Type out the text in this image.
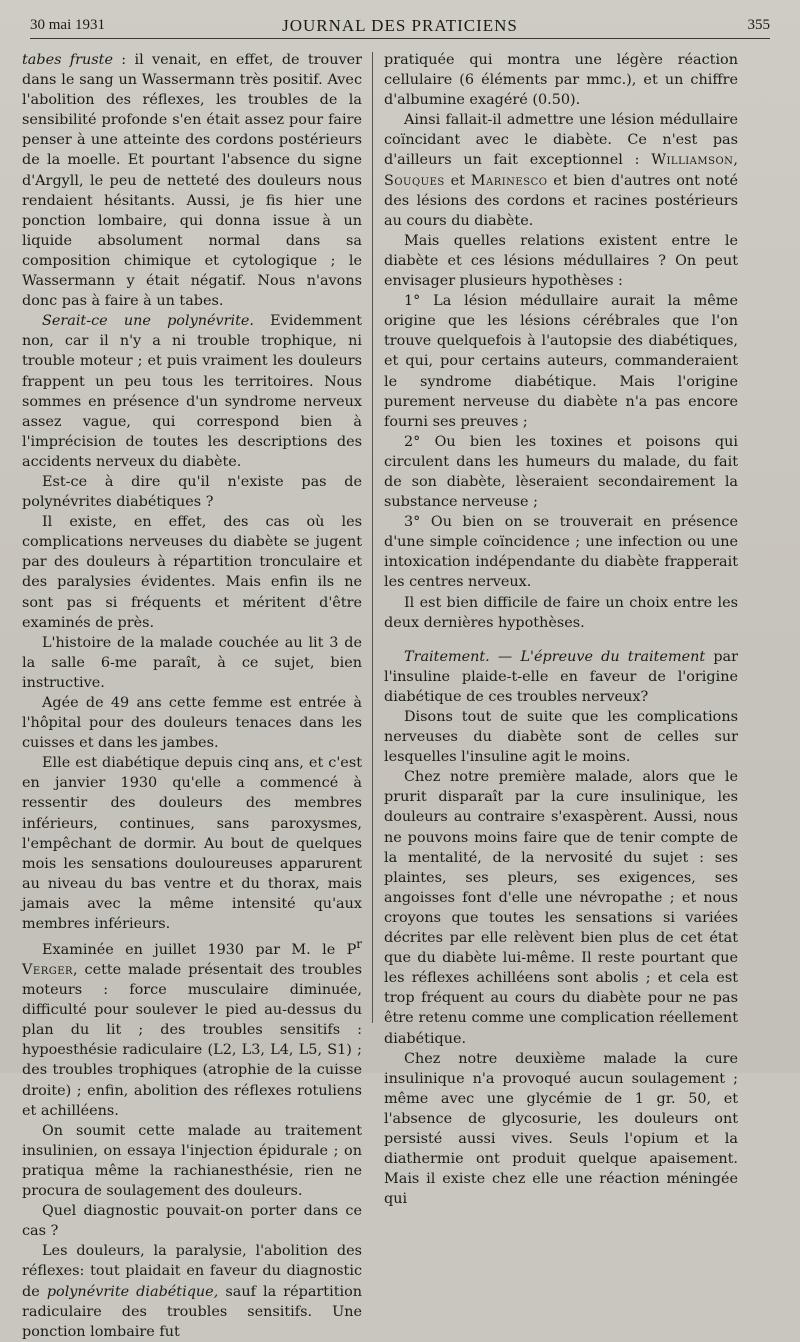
30 mai 1931	JOURNAL DES PRATICIENS	355

tabes fruste : il venait, en effet, de trouver dans le sang un Wassermann très positif. Avec l'abolition des réflexes, les troubles de la sensibilité profonde s'en était assez pour faire penser à une atteinte des cordons postérieurs de la moelle. Et pourtant l'absence du signe d'Argyll, le peu de netteté des douleurs nous rendaient hésitants. Aussi, je fis hier une ponction lombaire, qui donna issue à un liquide absolument normal dans sa composition chimique et cytologique ; le Wassermann y était négatif. Nous n'avons donc pas à faire à un tabes.

Serait-ce une polynévrite. Evidemment non, car il n'y a ni trouble trophique, ni trouble moteur ; et puis vraiment les douleurs frappent un peu tous les territoires. Nous sommes en présence d'un syndrome nerveux assez vague, qui correspond bien à l'imprécision de toutes les descriptions des accidents nerveux du diabète.

Est-ce à dire qu'il n'existe pas de polynévrites diabétiques ?

Il existe, en effet, des cas où les complications nerveuses du diabète se jugent par des douleurs à répartition tronculaire et des paralysies évidentes. Mais enfin ils ne sont pas si fréquents et méritent d'être examinés de près.

L'histoire de la malade couchée au lit 3 de la salle 6-me paraît, à ce sujet, bien instructive.

Agée de 49 ans cette femme est entrée à l'hôpital pour des douleurs tenaces dans les cuisses et dans les jambes.

Elle est diabétique depuis cinq ans, et c'est en janvier 1930 qu'elle a commencé à ressentir des douleurs des membres inférieurs, continues, sans paroxysmes, l'empêchant de dormir. Au bout de quelques mois les sensations douloureuses apparurent au niveau du bas ventre et du thorax, mais jamais avec la même intensité qu'aux membres inférieurs.

Examinée en juillet 1930 par M. le $P^r$ Verger, cette malade présentait des troubles moteurs : force musculaire diminuée, difficulté pour soulever le pied au-dessus du plan du lit ; des troubles sensitifs : hypoesthésie radiculaire (L2, L3, L4, L5, S1) ; des troubles trophiques (atrophie de la cuisse droite) ; enfin, abolition des réflexes rotuliens et achilléens.

On soumit cette malade au traitement insulinien, on essaya l'injection épidurale ; on pratiqua même la rachianesthésie, rien ne procura de soulagement des douleurs.

Quel diagnostic pouvait-on porter dans ce cas ?

Les douleurs, la paralysie, l'abolition des réflexes: tout plaidait en faveur du diagnostic de polynévrite diabétique, sauf la répartition radiculaire des troubles sensitifs. Une ponction lombaire fut

pratiquée qui montra une légère réaction cellulaire (6 éléments par mmc.), et un chiffre d'albumine exagéré (0.50).

Ainsi fallait-il admettre une lésion médullaire coïncidant avec le diabète. Ce n'est pas d'ailleurs un fait exceptionnel : Williamson, Souques et Marinesco et bien d'autres ont noté des lésions des cordons et racines postérieurs au cours du diabète.

Mais quelles relations existent entre le diabète et ces lésions médullaires ? On peut envisager plusieurs hypothèses :

1° La lésion médullaire aurait la même origine que les lésions cérébrales que l'on trouve quelquefois à l'autopsie des diabétiques, et qui, pour certains auteurs, commanderaient le syndrome diabétique. Mais l'origine purement nerveuse du diabète n'a pas encore fourni ses preuves ;

2° Ou bien les toxines et poisons qui circulent dans les humeurs du malade, du fait de son diabète, lèseraient secondairement la substance nerveuse ;

3° Ou bien on se trouverait en présence d'une simple coïncidence ; une infection ou une intoxication indépendante du diabète frapperait les centres nerveux.

Il est bien difficile de faire un choix entre les deux dernières hypothèses.

Traitement. — L'épreuve du traitement par l'insuline plaide-t-elle en faveur de l'origine diabétique de ces troubles nerveux?

Disons tout de suite que les complications nerveuses du diabète sont de celles sur lesquelles l'insuline agit le moins.

Chez notre première malade, alors que le prurit disparaît par la cure insulinique, les douleurs au contraire s'exaspèrent. Aussi, nous ne pouvons moins faire que de tenir compte de la mentalité, de la nervosité du sujet : ses plaintes, ses pleurs, ses exigences, ses angoisses font d'elle une névropathe ; et nous croyons que toutes les sensations si variées décrites par elle relèvent bien plus de cet état que du diabète lui-même. Il reste pourtant que les réflexes achilléens sont abolis ; et cela est trop fréquent au cours du diabète pour ne pas être retenu comme une complication réellement diabétique.

Chez notre deuxième malade la cure insulinique n'a provoqué aucun soulagement ; même avec une glycémie de 1 gr. 50, et l'absence de glycosurie, les douleurs ont persisté aussi vives. Seuls l'opium et la diathermie ont produit quelque apaisement. Mais il existe chez elle une réaction méningée qui
